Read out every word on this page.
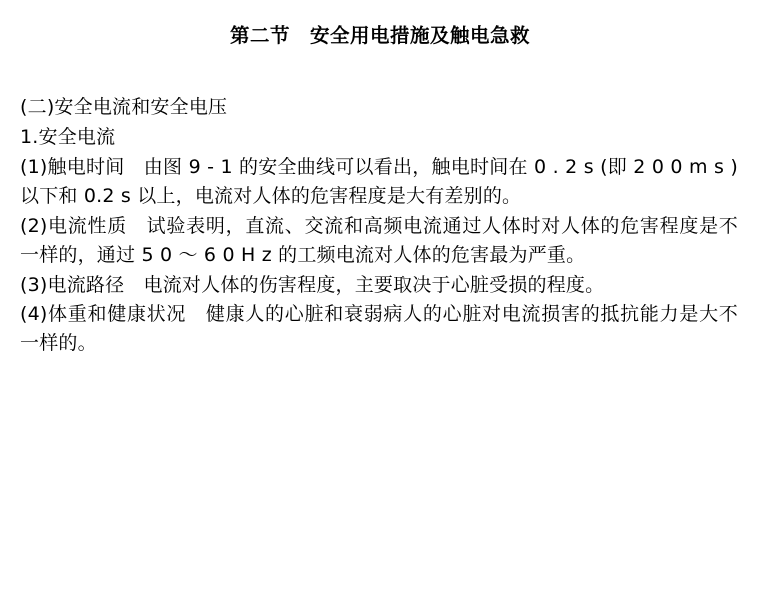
第二节　安全用电措施及触电急救

(二)安全电流和安全电压

1.安全电流

(1)触电时间　由图 9 - 1 的安全曲线可以看出，触电时间在 0 . 2 s (即 2 0 0 m s )以下和 0.2 s 以上，电流对人体的危害程度是大有差别的。

(2)电流性质　试验表明，直流、交流和高频电流通过人体时对人体的危害程度是不一样的，通过 5 0 ～ 6 0 H z 的工频电流对人体的危害最为严重。

(3)电流路径　电流对人体的伤害程度，主要取决于心脏受损的程度。

(4)体重和健康状况　健康人的心脏和衰弱病人的心脏对电流损害的抵抗能力是大不一样的。
